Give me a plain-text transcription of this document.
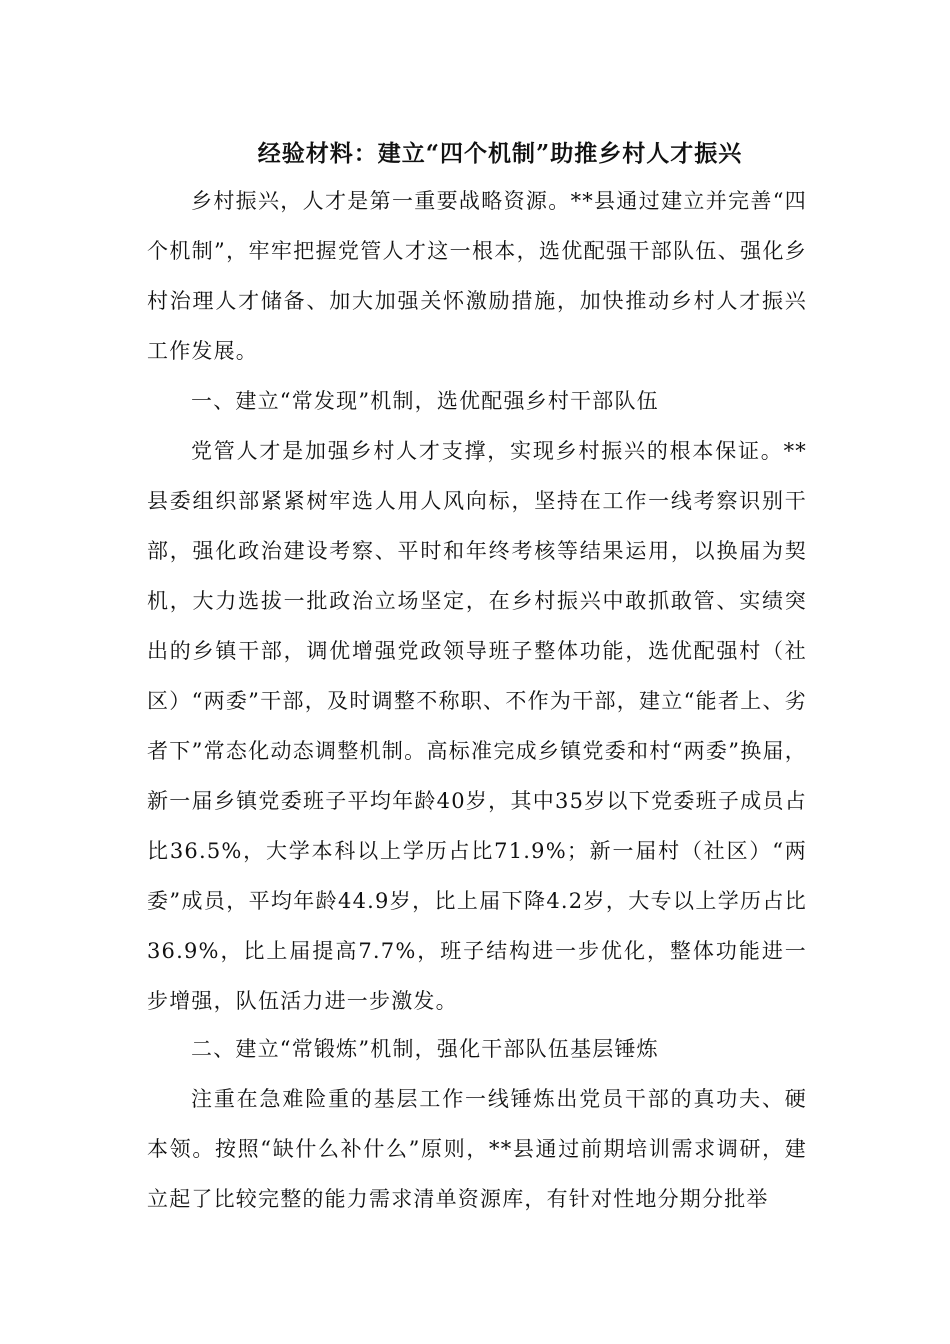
经验材料：建立“四个机制”助推乡村人才振兴

乡村振兴，人才是第一重要战略资源。**县通过建立并完善“四个机制”，牢牢把握党管人才这一根本，选优配强干部队伍、强化乡村治理人才储备、加大加强关怀激励措施，加快推动乡村人才振兴工作发展。

一、建立“常发现”机制，选优配强乡村干部队伍

党管人才是加强乡村人才支撑，实现乡村振兴的根本保证。**县委组织部紧紧树牢选人用人风向标，坚持在工作一线考察识别干部，强化政治建设考察、平时和年终考核等结果运用，以换届为契机，大力选拔一批政治立场坚定，在乡村振兴中敢抓敢管、实绩突出的乡镇干部，调优增强党政领导班子整体功能，选优配强村（社区）“两委”干部，及时调整不称职、不作为干部，建立“能者上、劣者下”常态化动态调整机制。高标准完成乡镇党委和村“两委”换届，新一届乡镇党委班子平均年龄40岁，其中35岁以下党委班子成员占比36.5%，大学本科以上学历占比71.9%；新一届村（社区）“两委”成员，平均年龄44.9岁，比上届下降4.2岁，大专以上学历占比36.9%，比上届提高7.7%，班子结构进一步优化，整体功能进一步增强，队伍活力进一步激发。

二、建立“常锻炼”机制，强化干部队伍基层锤炼

注重在急难险重的基层工作一线锤炼出党员干部的真功夫、硬本领。按照“缺什么补什么”原则，**县通过前期培训需求调研，建立起了比较完整的能力需求清单资源库，有针对性地分期分批举
